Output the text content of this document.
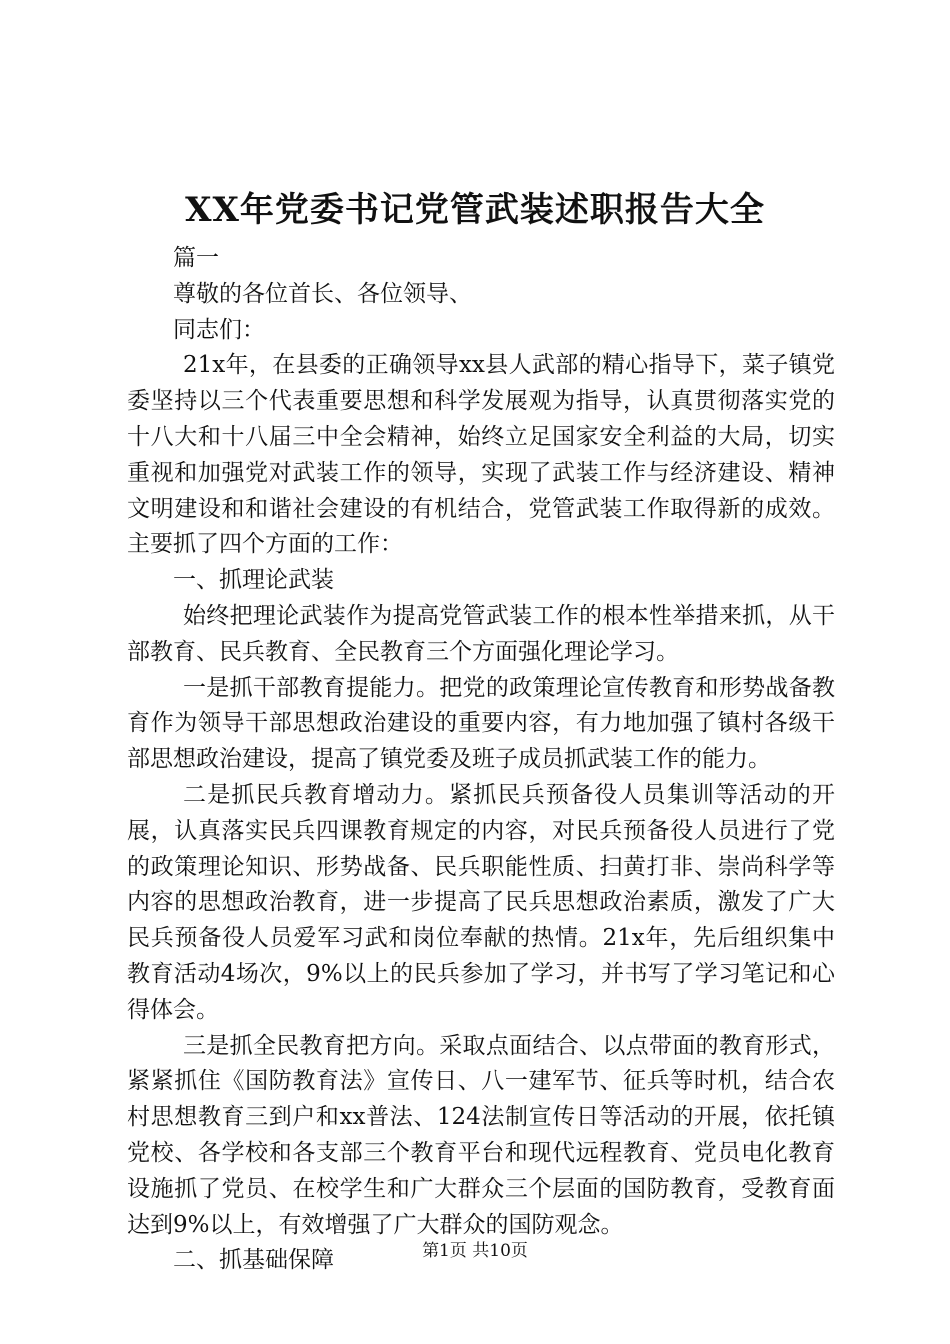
XX年党委书记党管武装述职报告大全

篇一

尊敬的各位首长、各位领导、

同志们：

21x年，在县委的正确领导xx县人武部的精心指导下，菜子镇党委坚持以三个代表重要思想和科学发展观为指导，认真贯彻落实党的十八大和十八届三中全会精神，始终立足国家安全利益的大局，切实重视和加强党对武装工作的领导，实现了武装工作与经济建设、精神文明建设和和谐社会建设的有机结合，党管武装工作取得新的成效。主要抓了四个方面的工作：

一、抓理论武装

始终把理论武装作为提高党管武装工作的根本性举措来抓，从干部教育、民兵教育、全民教育三个方面强化理论学习。

一是抓干部教育提能力。把党的政策理论宣传教育和形势战备教育作为领导干部思想政治建设的重要内容，有力地加强了镇村各级干部思想政治建设，提高了镇党委及班子成员抓武装工作的能力。

二是抓民兵教育增动力。紧抓民兵预备役人员集训等活动的开展，认真落实民兵四课教育规定的内容，对民兵预备役人员进行了党的政策理论知识、形势战备、民兵职能性质、扫黄打非、崇尚科学等内容的思想政治教育，进一步提高了民兵思想政治素质，激发了广大民兵预备役人员爱军习武和岗位奉献的热情。21x年，先后组织集中教育活动4场次，9%以上的民兵参加了学习，并书写了学习笔记和心得体会。

三是抓全民教育把方向。采取点面结合、以点带面的教育形式，紧紧抓住《国防教育法》宣传日、八一建军节、征兵等时机，结合农村思想教育三到户和xx普法、124法制宣传日等活动的开展，依托镇党校、各学校和各支部三个教育平台和现代远程教育、党员电化教育设施抓了党员、在校学生和广大群众三个层面的国防教育，受教育面达到9%以上，有效增强了广大群众的国防观念。

二、抓基础保障	第1页 共10页
